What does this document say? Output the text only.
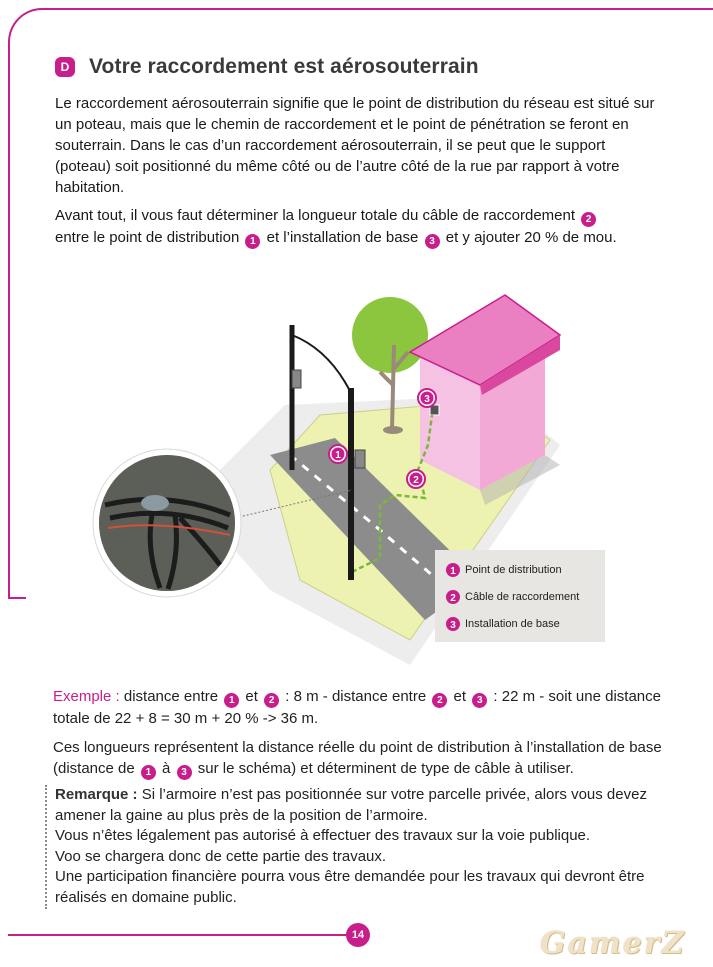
D Votre raccordement est aérosouterrain
Le raccordement aérosouterrain signifie que le point de distribution du réseau est situé sur un poteau, mais que le chemin de raccordement et le point de pénétration se feront en souterrain. Dans le cas d’un raccordement aérosouterrain, il se peut que le support (poteau) soit positionné du même côté ou de l’autre côté de la rue par rapport à votre habitation.
Avant tout, il vous faut déterminer la longueur totale du câble de raccordement 2
entre le point de distribution 1 et l’installation de base 3 et y ajouter 20 % de mou.
1
2
3
1 Point de distribution
2 Câble de raccordement
3 Installation de base
Exemple : distance entre 1 et 2 : 8 m - distance entre 2 et 3 : 22 m - soit une distance totale de 22 + 8 = 30 m + 20 % -> 36 m.
Ces longueurs représentent la distance réelle du point de distribution à l’installation de base (distance de 1 à 3 sur le schéma) et déterminent de type de câble à utiliser.
Remarque : Si l’armoire n’est pas positionnée sur votre parcelle privée, alors vous devez amener la gaine au plus près de la position de l’armoire.
Vous n’êtes légalement pas autorisé à effectuer des travaux sur la voie publique.
Voo se chargera donc de cette partie des travaux.
Une participation financière pourra vous être demandée pour les travaux qui devront être réalisés en domaine public.
14	GamerZ
